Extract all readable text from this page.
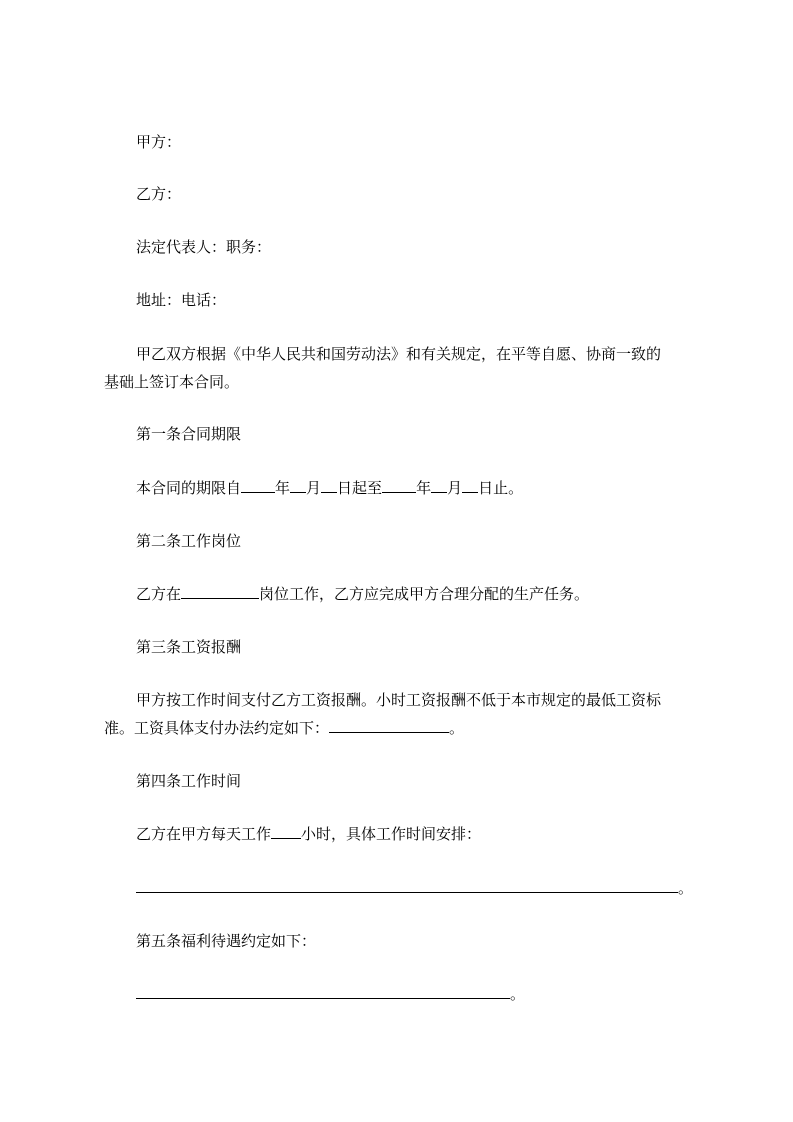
甲方：
乙方：
法定代表人：职务：
地址：电话：
甲乙双方根据《中华人民共和国劳动法》和有关规定，在平等自愿、协商一致的
基础上签订本合同。
第一条合同期限
本合同的期限自 年 月 日起至 年 月 日止。
第二条工作岗位
乙方在	岗位工作，乙方应完成甲方合理分配的生产任务。
第三条工资报酬
甲方按工作时间支付乙方工资报酬。小时工资报酬不低于本市规定的最低工资标
准。工资具体支付办法约定如下：	。
第四条工作时间
乙方在甲方每天工作 小时，具体工作时间安排：
。
第五条福利待遇约定如下：
。
